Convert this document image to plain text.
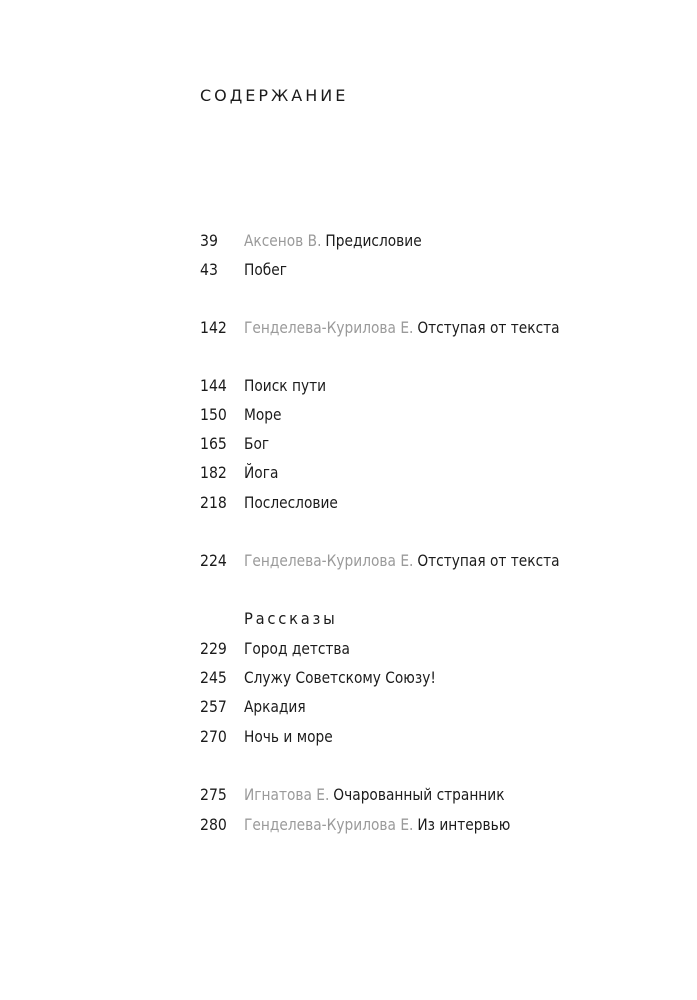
СОДЕРЖАНИЕ
39	Аксенов В. Предисловие
43	Побег
142	Генделева-Курилова Е. Отступая от текста
144	Поиск пути
150	Море
165	Бог
182	Йога
218	Послесловие
224	Генделева-Курилова Е. Отступая от текста
Рассказы
229	Город детства
245	Служу Советскому Союзу!
257	Аркадия
270	Ночь и море
275	Игнатова Е. Очарованный странник
280	Генделева-Курилова Е. Из интервью
